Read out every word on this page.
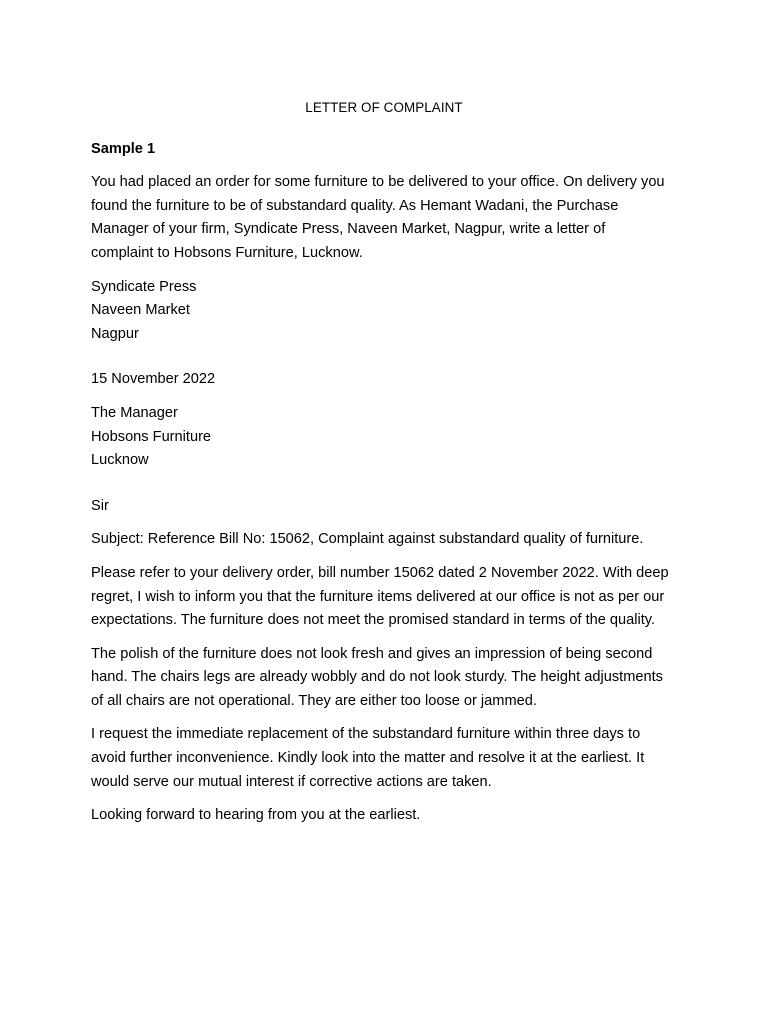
LETTER OF COMPLAINT
Sample 1

You had placed an order for some furniture to be delivered to your office. On delivery you found the furniture to be of substandard quality. As Hemant Wadani, the Purchase Manager of your firm, Syndicate Press, Naveen Market, Nagpur, write a letter of complaint to Hobsons Furniture, Lucknow.

Syndicate Press
Naveen Market
Nagpur
15 November 2022
The Manager
Hobsons Furniture
Lucknow

Sir

Subject: Reference Bill No: 15062, Complaint against substandard quality of furniture.

Please refer to your delivery order, bill number 15062 dated 2 November 2022. With deep regret, I wish to inform you that the furniture items delivered at our office is not as per our expectations. The furniture does not meet the promised standard in terms of the quality.

The polish of the furniture does not look fresh and gives an impression of being second hand. The chairs legs are already wobbly and do not look sturdy. The height adjustments of all chairs are not operational. They are either too loose or jammed.

I request the immediate replacement of the substandard furniture within three days to avoid further inconvenience. Kindly look into the matter and resolve it at the earliest. It would serve our mutual interest if corrective actions are taken.

Looking forward to hearing from you at the earliest.
